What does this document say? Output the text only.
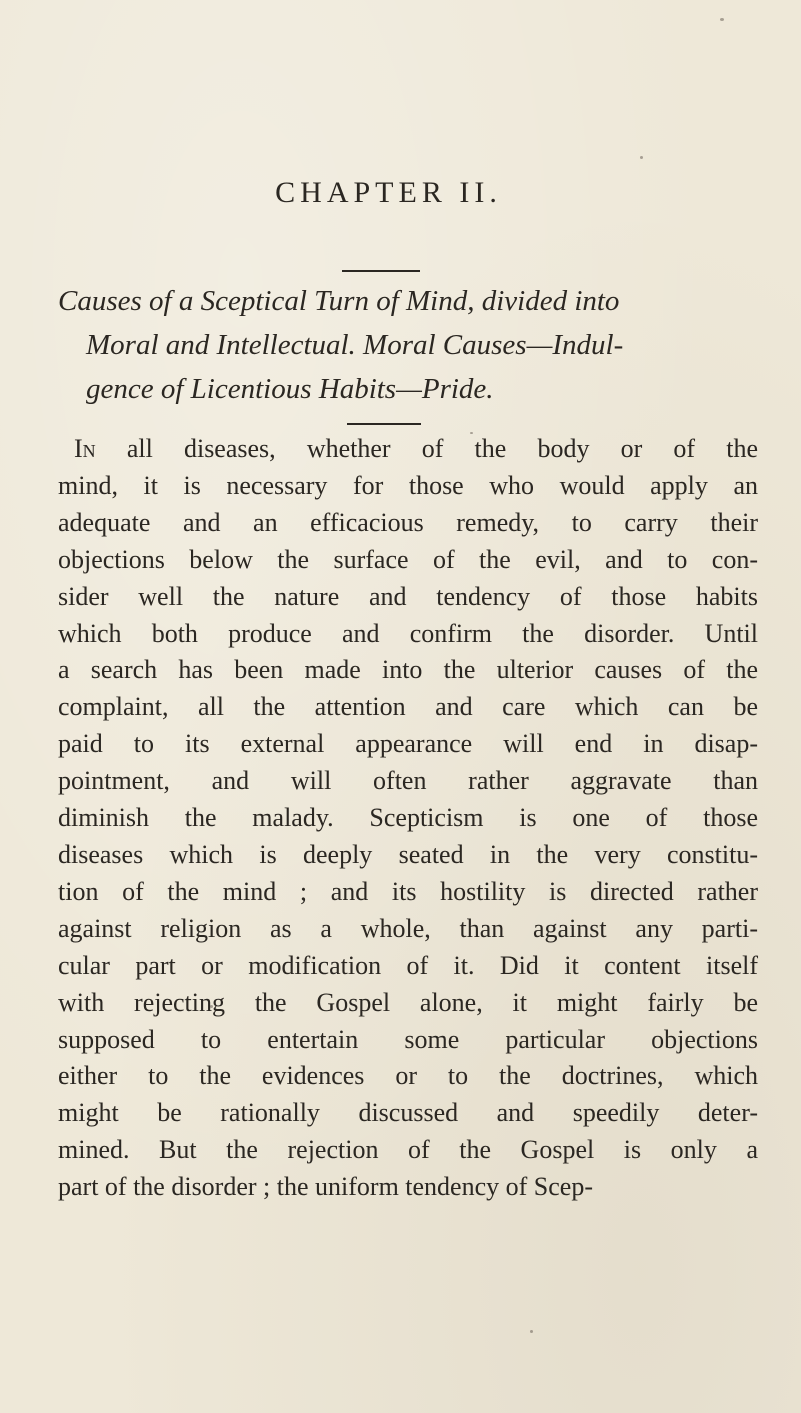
CHAPTER II.
Causes of a Sceptical Turn of Mind, divided into
Moral and Intellectual. Moral Causes—Indul-
gence of Licentious Habits—Pride.
In all diseases, whether of the body or of the
mind, it is necessary for those who would apply an
adequate and an efficacious remedy, to carry their
objections below the surface of the evil, and to con-
sider well the nature and tendency of those habits
which both produce and confirm the disorder. Until
a search has been made into the ulterior causes of the
complaint, all the attention and care which can be
paid to its external appearance will end in disap-
pointment, and will often rather aggravate than
diminish the malady. Scepticism is one of those
diseases which is deeply seated in the very constitu-
tion of the mind ; and its hostility is directed rather
against religion as a whole, than against any parti-
cular part or modification of it. Did it content itself
with rejecting the Gospel alone, it might fairly be
supposed to entertain some particular objections
either to the evidences or to the doctrines, which
might be rationally discussed and speedily deter-
mined. But the rejection of the Gospel is only a
part of the disorder ; the uniform tendency of Scep-
